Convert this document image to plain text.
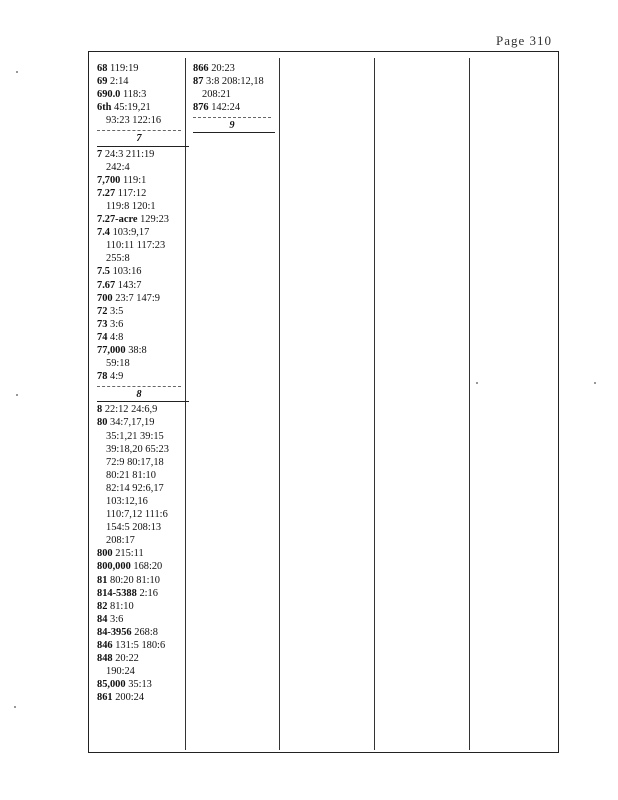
Page 310
68 119:19
69 2:14
690.0 118:3
6th 45:19,21
93:23 122:16
7
7 24:3 211:19
242:4
7,700 119:1
7.27 117:12
119:8 120:1
7.27-acre 129:23
7.4 103:9,17
110:11 117:23
255:8
7.5 103:16
7.67 143:7
700 23:7 147:9
72 3:5
73 3:6
74 4:8
77,000 38:8
59:18
78 4:9
8
8 22:12 24:6,9
80 34:7,17,19
35:1,21 39:15
39:18,20 65:23
72:9 80:17,18
80:21 81:10
82:14 92:6,17
103:12,16
110:7,12 111:6
154:5 208:13
208:17
800 215:11
800,000 168:20
81 80:20 81:10
814-5388 2:16
82 81:10
84 3:6
84-3956 268:8
846 131:5 180:6
848 20:22
190:24
85,000 35:13
861 200:24
866 20:23
87 3:8 208:12,18
208:21
876 142:24
9
